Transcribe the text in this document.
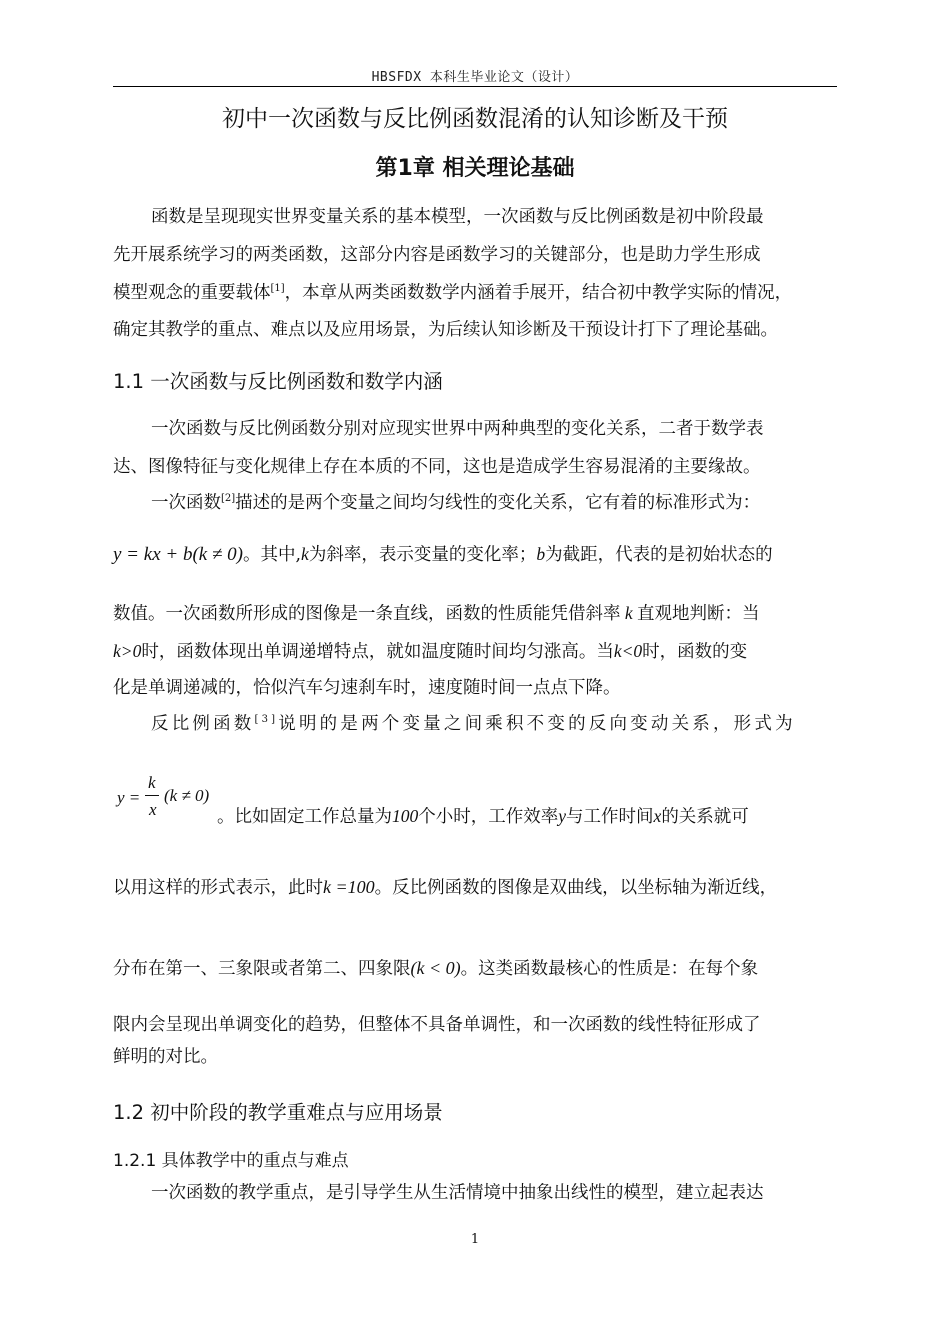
HBSFDX 本科生毕业论文（设计）
初中一次函数与反比例函数混淆的认知诊断及干预
第1章 相关理论基础
函数是呈现现实世界变量关系的基本模型，一次函数与反比例函数是初中阶段最
先开展系统学习的两类函数，这部分内容是函数学习的关键部分，也是助力学生形成
模型观念的重要载体[1]，本章从两类函数数学内涵着手展开，结合初中教学实际的情况，
确定其教学的重点、难点以及应用场景，为后续认知诊断及干预设计打下了理论基础。
1.1 一次函数与反比例函数和数学内涵
一次函数与反比例函数分别对应现实世界中两种典型的变化关系，二者于数学表
达、图像特征与变化规律上存在本质的不同，这也是造成学生容易混淆的主要缘故。
一次函数[2]描述的是两个变量之间均匀线性的变化关系，它有着的标准形式为：
y = kx + b(k ≠ 0)。其中,k为斜率，表示变量的变化率；b为截距，代表的是初始状态的
数值。一次函数所形成的图像是一条直线，函数的性质能凭借斜率 k 直观地判断：当
k>0时，函数体现出单调递增特点，就如温度随时间均匀涨高。当k<0时，函数的变
化是单调递减的，恰似汽车匀速刹车时，速度随时间一点点下降。
反比例函数[3]说明的是两个变量之间乘积不变的反向变动关系，形式为
y =
k
x
(k ≠ 0)
。比如固定工作总量为100个小时，工作效率y与工作时间x的关系就可
以用这样的形式表示，此时k =100。反比例函数的图像是双曲线，以坐标轴为渐近线，
分布在第一、三象限或者第二、四象限(k < 0)。这类函数最核心的性质是：在每个象
限内会呈现出单调变化的趋势，但整体不具备单调性，和一次函数的线性特征形成了
鲜明的对比。
1.2 初中阶段的教学重难点与应用场景
1.2.1 具体教学中的重点与难点
一次函数的教学重点，是引导学生从生活情境中抽象出线性的模型，建立起表达
1
